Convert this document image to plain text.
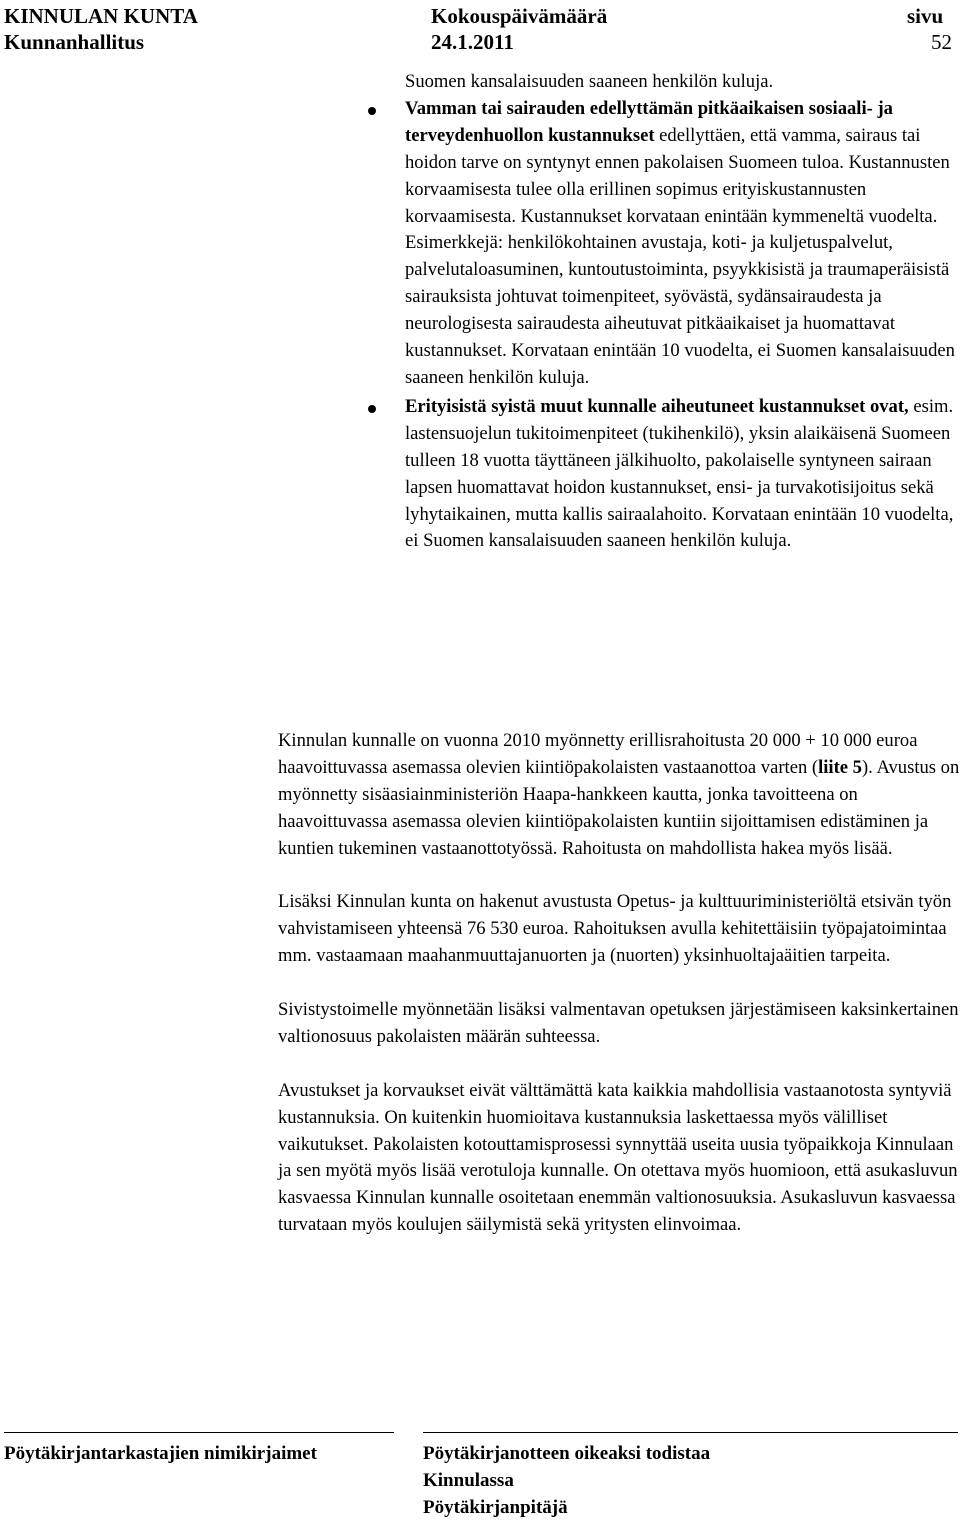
KINNULAN KUNTA
Kunnanhallitus
Kokouspäivämäärä
24.1.2011
sivu
52

Suomen kansalaisuuden saaneen henkilön kuluja.

Vamman tai sairauden edellyttämän pitkäaikaisen sosiaali- ja terveydenhuollon kustannukset edellyttäen, että vamma, sairaus tai hoidon tarve on syntynyt ennen pakolaisen Suomeen tuloa. Kustannusten korvaamisesta tulee olla erillinen sopimus erityiskustannusten korvaamisesta. Kustannukset korvataan enintään kymmeneltä vuodelta.

Esimerkkejä: henkilökohtainen avustaja, koti- ja kuljetuspalvelut, palvelutaloasuminen, kuntoutustoiminta, psyykkisistä ja traumaperäisistä sairauksista johtuvat toimenpiteet, syövästä, sydänsairaudesta ja neurologisesta sairaudesta aiheutuvat pitkäaikaiset ja huomattavat kustannukset. Korvataan enintään 10 vuodelta, ei Suomen kansalaisuuden saaneen henkilön kuluja.

Erityisistä syistä muut kunnalle aiheutuneet kustannukset ovat, esim. lastensuojelun tukitoimenpiteet (tukihenkilö), yksin alaikäisenä Suomeen tulleen 18 vuotta täyttäneen jälkihuolto, pakolaiselle syntyneen sairaan lapsen huomattavat hoidon kustannukset, ensi- ja turvakotisijoitus sekä lyhytaikainen, mutta kallis sairaalahoito. Korvataan enintään 10 vuodelta, ei Suomen kansalaisuuden saaneen henkilön kuluja.

Kinnulan kunnalle on vuonna 2010 myönnetty erillisrahoitusta 20 000 + 10 000 euroa haavoittuvassa asemassa olevien kiintiöpakolaisten vastaanottoa varten (liite 5). Avustus on myönnetty sisäasiainministeriön Haapa-hankkeen kautta, jonka tavoitteena on haavoittuvassa asemassa olevien kiintiöpakolaisten kuntiin sijoittamisen edistäminen ja kuntien tukeminen vastaanottotyössä. Rahoitusta on mahdollista hakea myös lisää.

Lisäksi Kinnulan kunta on hakenut avustusta Opetus- ja kulttuuriministeriöltä etsivän työn vahvistamiseen yhteensä 76 530 euroa. Rahoituksen avulla kehitettäisiin työpajatoimintaa mm. vastaamaan maahanmuuttajanuorten ja (nuorten) yksinhuoltajaäitien tarpeita.

Sivistystoimelle myönnetään lisäksi valmentavan opetuksen järjestämiseen kaksinkertainen valtionosuus pakolaisten määrän suhteessa.

Avustukset ja korvaukset eivät välttämättä kata kaikkia mahdollisia vastaanotosta syntyviä kustannuksia. On kuitenkin huomioitava kustannuksia laskettaessa myös välilliset vaikutukset. Pakolaisten kotouttamisprosessi synnyttää useita uusia työpaikkoja Kinnulaan ja sen myötä myös lisää verotuloja kunnalle. On otettava myös huomioon, että asukasluvun kasvaessa Kinnulan kunnalle osoitetaan enemmän valtionosuuksia. Asukasluvun kasvaessa turvataan myös koulujen säilymistä sekä yritysten elinvoimaa.

Pöytäkirjantarkastajien nimikirjaimet	Pöytäkirjanotteen oikeaksi todistaa
Kinnulassa
Pöytäkirjanpitäjä
